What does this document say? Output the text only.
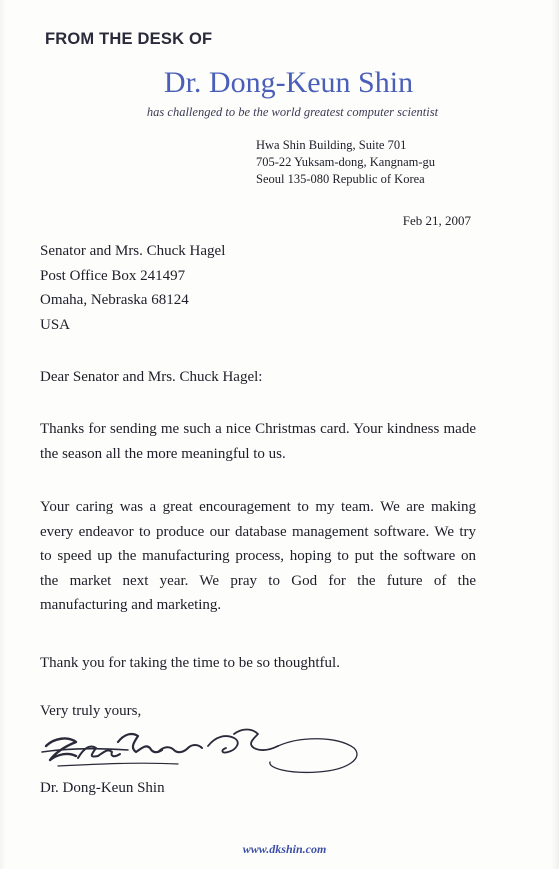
FROM THE DESK OF
Dr. Dong-Keun Shin
has challenged to be the world greatest computer scientist
Hwa Shin Building, Suite 701
705-22 Yuksam-dong, Kangnam-gu
Seoul 135-080 Republic of Korea
Feb 21, 2007
Senator and Mrs. Chuck Hagel
Post Office Box 241497
Omaha, Nebraska 68124
USA
Dear Senator and Mrs. Chuck Hagel:
Thanks for sending me such a nice Christmas card. Your kindness made the season all the more meaningful to us.
Your caring was a great encouragement to my team. We are making every endeavor to produce our database management software. We try to speed up the manufacturing process, hoping to put the software on the market next year. We pray to God for the future of the manufacturing and marketing.
Thank you for taking the time to be so thoughtful.
Very truly yours,
Dr. Dong-Keun Shin
www.dkshin.com
